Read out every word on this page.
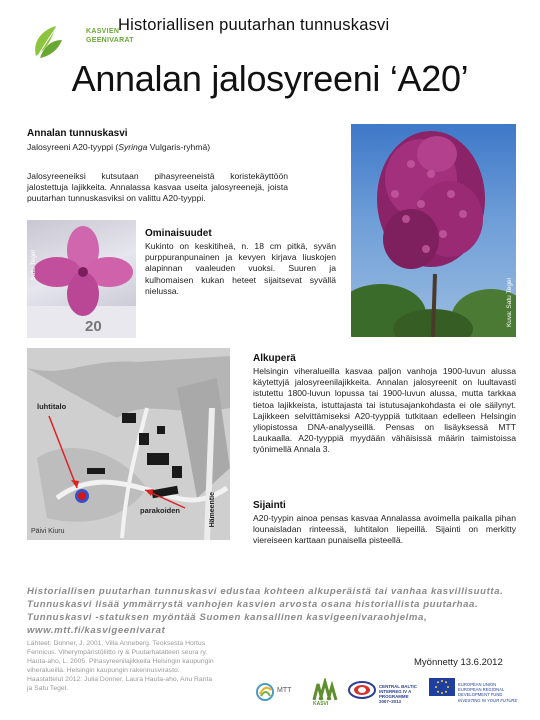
KASVIEN
GEENIVARAT
Historiallisen puutarhan tunnuskasvi
Annalan jalosyreeni ‘A20’
Annalan tunnuskasvi
Jalosyreeni A20-tyyppi (Syringa Vulgaris-ryhmä)
Jalosyreeneiksi kutsutaan pihasyreeneistä koristekäyttöön jalostettuja lajikkeita. Annalassa kasvaa useita jalosyreenejä, joista puutarhan tunnuskasviksi on valittu A20-tyyppi.
20
Satu Tegel
Ominaisuudet
Kukinto on keskitiheä, n. 18 cm pitkä, syvän purppuranpunainen ja kevyen kirjava liuskojen alapinnan vaaleuden vuoksi. Suuren ja kulhomaisen kukan heteet sijaitsevat syvällä nielussa.	Kuva: Satu Tegel
luhtitalo
parakoiden	Hämeentie
Päivi Kiuru
Alkuperä
Helsingin viheralueilla kasvaa paljon vanhoja 1900-luvun alussa käytettyjä jalosyreenilajikkeita. Annalan jalosyreenit on luultavasti istutettu 1800-luvun lopussa tai 1900-luvun alussa, mutta tarkkaa tietoa lajikkeista, istuttajasta tai istutusajankohdasta ei ole säilynyt. Lajikkeen selvittämiseksi A20-tyyppiä tutkitaan edelleen Helsingin yliopistossa DNA-analyyseillä. Pensas on lisäyksessä MTT Laukaalla. A20-tyyppiä myydään vähäisissä määrin taimistoissa työnimellä Annala 3.
Sijainti
A20-tyypin ainoa pensas kasvaa Annalassa avoimella paikalla pihan lounaisladan rinteessä, luhtitalon liepeillä. Sijainti on merkitty viereiseen karttaan punaisella pisteellä.
Historiallisen puutarhan tunnuskasvi edustaa kohteen alkuperäistä tai vanhaa kasvillisuutta. Tunnuskasvi lisää ymmärrystä vanhojen kasvien arvosta osana historiallista puutarhaa. Tunnuskasvi -statuksen myöntää Suomen kansallinen kasvigeenivaraohjelma, www.mtt.fi/kasvigeenivarat
Lähteet: Donner, J. 2001. Villa Anneberg. Teoksesta Hortus
Fennicus. Viherympäristöliitto ry & Puutarhataiteen seura ry.
Hauta-aho, L. 2005. Pihasyreenilajikkeita Helsingin kaupungin
viheralueilla. Helsingin kaupungin rakennusvirasto.
Haastattelut 2012: Julia Donner, Laura Hauta-aho, Anu Ranta
ja Satu Tegel.
Myönnetty 13.6.2012
MTT
KASVI
CENTRAL BALTIC
INTERREG IV A
PROGRAMME
2007–2013
EUROPEAN UNION
EUROPEAN REGIONAL DEVELOPMENT FUND
INVESTING IN YOUR FUTURE
